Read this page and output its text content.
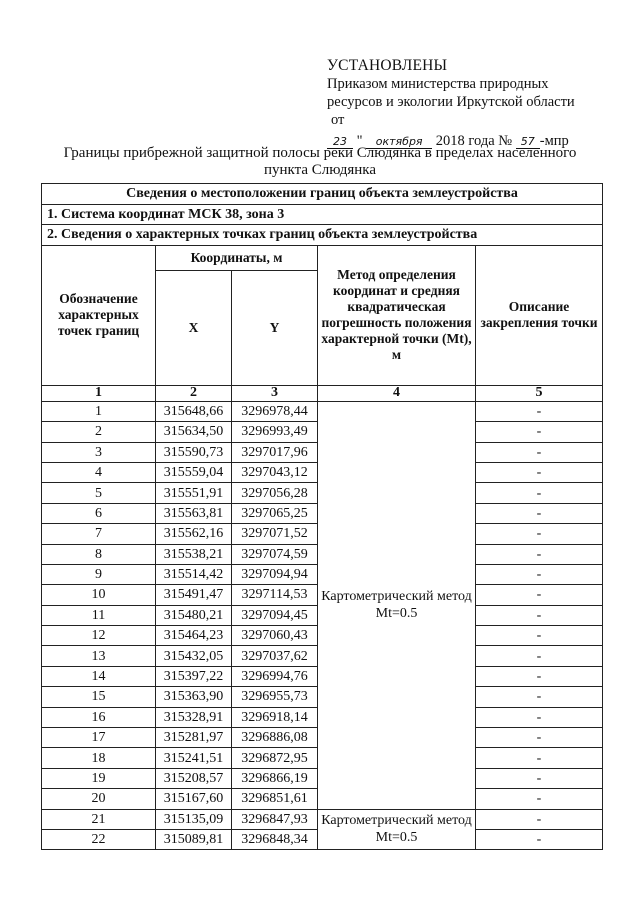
УСТАНОВЛЕНЫ
Приказом министерства природных
ресурсов и экологии Иркутской области
от
23 " октября 2018 года № 57 -мпр
Границы прибрежной защитной полосы реки Слюдянка в пределах населенного пункта Слюдянка
Сведения о местоположении границ объекта землеустройства				
1. Система координат МСК 38, зона 3				
2. Сведения о характерных точках границ объекта землеустройства				
Обозначение характерных точек границ	Координаты, м		Метод определения координат и средняя квадратическая погрешность положения характерной точки (Mt), м	Описание закрепления точки
	X	Y		
1	2	3	4	5
1	315648,66	3296978,44	Картометрический метод Mt=0.5	-
2	315634,50	3296993,49		-
3	315590,73	3297017,96		-
4	315559,04	3297043,12		-
5	315551,91	3297056,28		-
6	315563,81	3297065,25		-
7	315562,16	3297071,52		-
8	315538,21	3297074,59		-
9	315514,42	3297094,94		-
10	315491,47	3297114,53		-
11	315480,21	3297094,45		-
12	315464,23	3297060,43		-
13	315432,05	3297037,62		-
14	315397,22	3296994,76		-
15	315363,90	3296955,73		-
16	315328,91	3296918,14		-
17	315281,97	3296886,08		-
18	315241,51	3296872,95		-
19	315208,57	3296866,19		-
20	315167,60	3296851,61		-
21	315135,09	3296847,93	Картометрический метод Mt=0.5	-
22	315089,81	3296848,34		-
